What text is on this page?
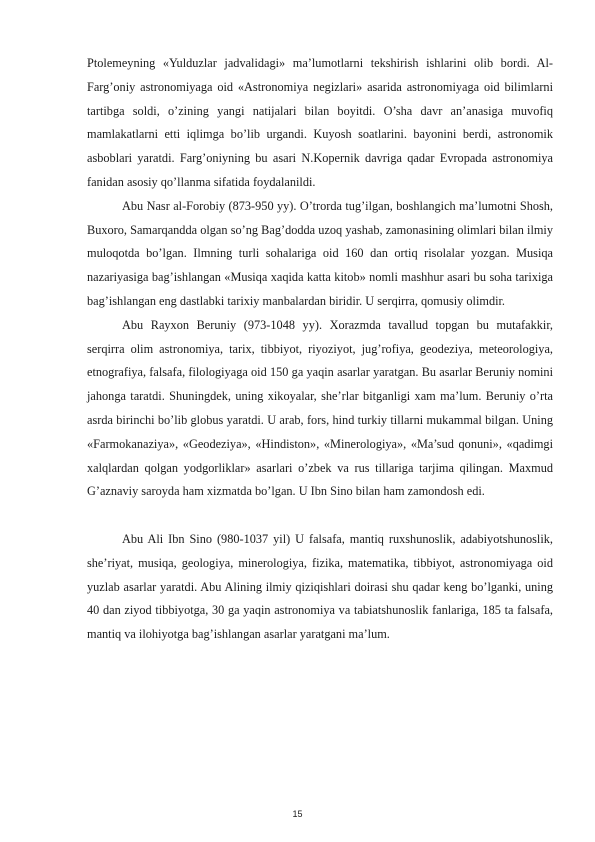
Ptolemeyning «Yulduzlar jadvalidagi» ma’lumotlarni tekshirish ishlarini olib bordi. Al-Farg’oniy astronomiyaga oid «Astronomiya negizlari» asarida astronomiyaga oid bilimlarni tartibga soldi, o’zining yangi natijalari bilan boyitdi. O’sha davr an’anasiga muvofiq mamlakatlarni etti iqlimga bo’lib urgandi. Kuyosh soatlarini. bayonini berdi, astronomik asboblari yaratdi. Farg’oniyning bu asari N.Kopernik davriga qadar Evropada astronomiya fanidan asosiy qo’llanma sifatida foydalanildi.

Abu Nasr al-Forobiy (873-950 yy). O’trorda tug’ilgan, boshlangich ma’lumotni Shosh, Buxoro, Samarqandda olgan so’ng Bag’dodda uzoq yashab, zamonasining olimlari bilan ilmiy muloqotda bo’lgan. Ilmning turli sohalariga oid 160 dan ortiq risolalar yozgan. Musiqa nazariyasiga bag’ishlangan «Musiqa xaqida katta kitob» nomli mashhur asari bu soha tarixiga bag’ishlangan eng dastlabki tarixiy manbalardan biridir. U serqirra, qomusiy olimdir.

Abu Rayxon Beruniy (973-1048 yy). Xorazmda tavallud topgan bu mutafakkir, serqirra olim astronomiya, tarix, tibbiyot, riyoziyot, jug’rofiya, geodeziya, meteorologiya, etnografiya, falsafa, filologiyaga oid 150 ga yaqin asarlar yaratgan. Bu asarlar Beruniy nomini jahonga taratdi. Shuningdek, uning xikoyalar, she’rlar bitganligi xam ma’lum. Beruniy o’rta asrda birinchi bo’lib globus yaratdi. U arab, fors, hind turkiy tillarni mukammal bilgan. Uning «Farmokanaziya», «Geodeziya», «Hindiston», «Minerologiya», «Ma’sud qonuni», «qadimgi xalqlardan qolgan yodgorliklar» asarlari o’zbek va rus tillariga tarjima qilingan. Maxmud G’aznaviy saroyda ham xizmatda bo’lgan. U Ibn Sino bilan ham zamondosh edi.

Abu Ali Ibn Sino (980-1037 yil) U falsafa, mantiq ruxshunoslik, adabiyotshunoslik, she’riyat, musiqa, geologiya, minerologiya, fizika, matematika, tibbiyot, astronomiyaga oid yuzlab asarlar yaratdi. Abu Alining ilmiy qiziqishlari doirasi shu qadar keng bo’lganki, uning 40 dan ziyod tibbiyotga, 30 ga yaqin astronomiya va tabiatshunoslik fanlariga, 185 ta falsafa, mantiq va ilohiyotga bag’ishlangan asarlar yaratgani ma’lum.

15
